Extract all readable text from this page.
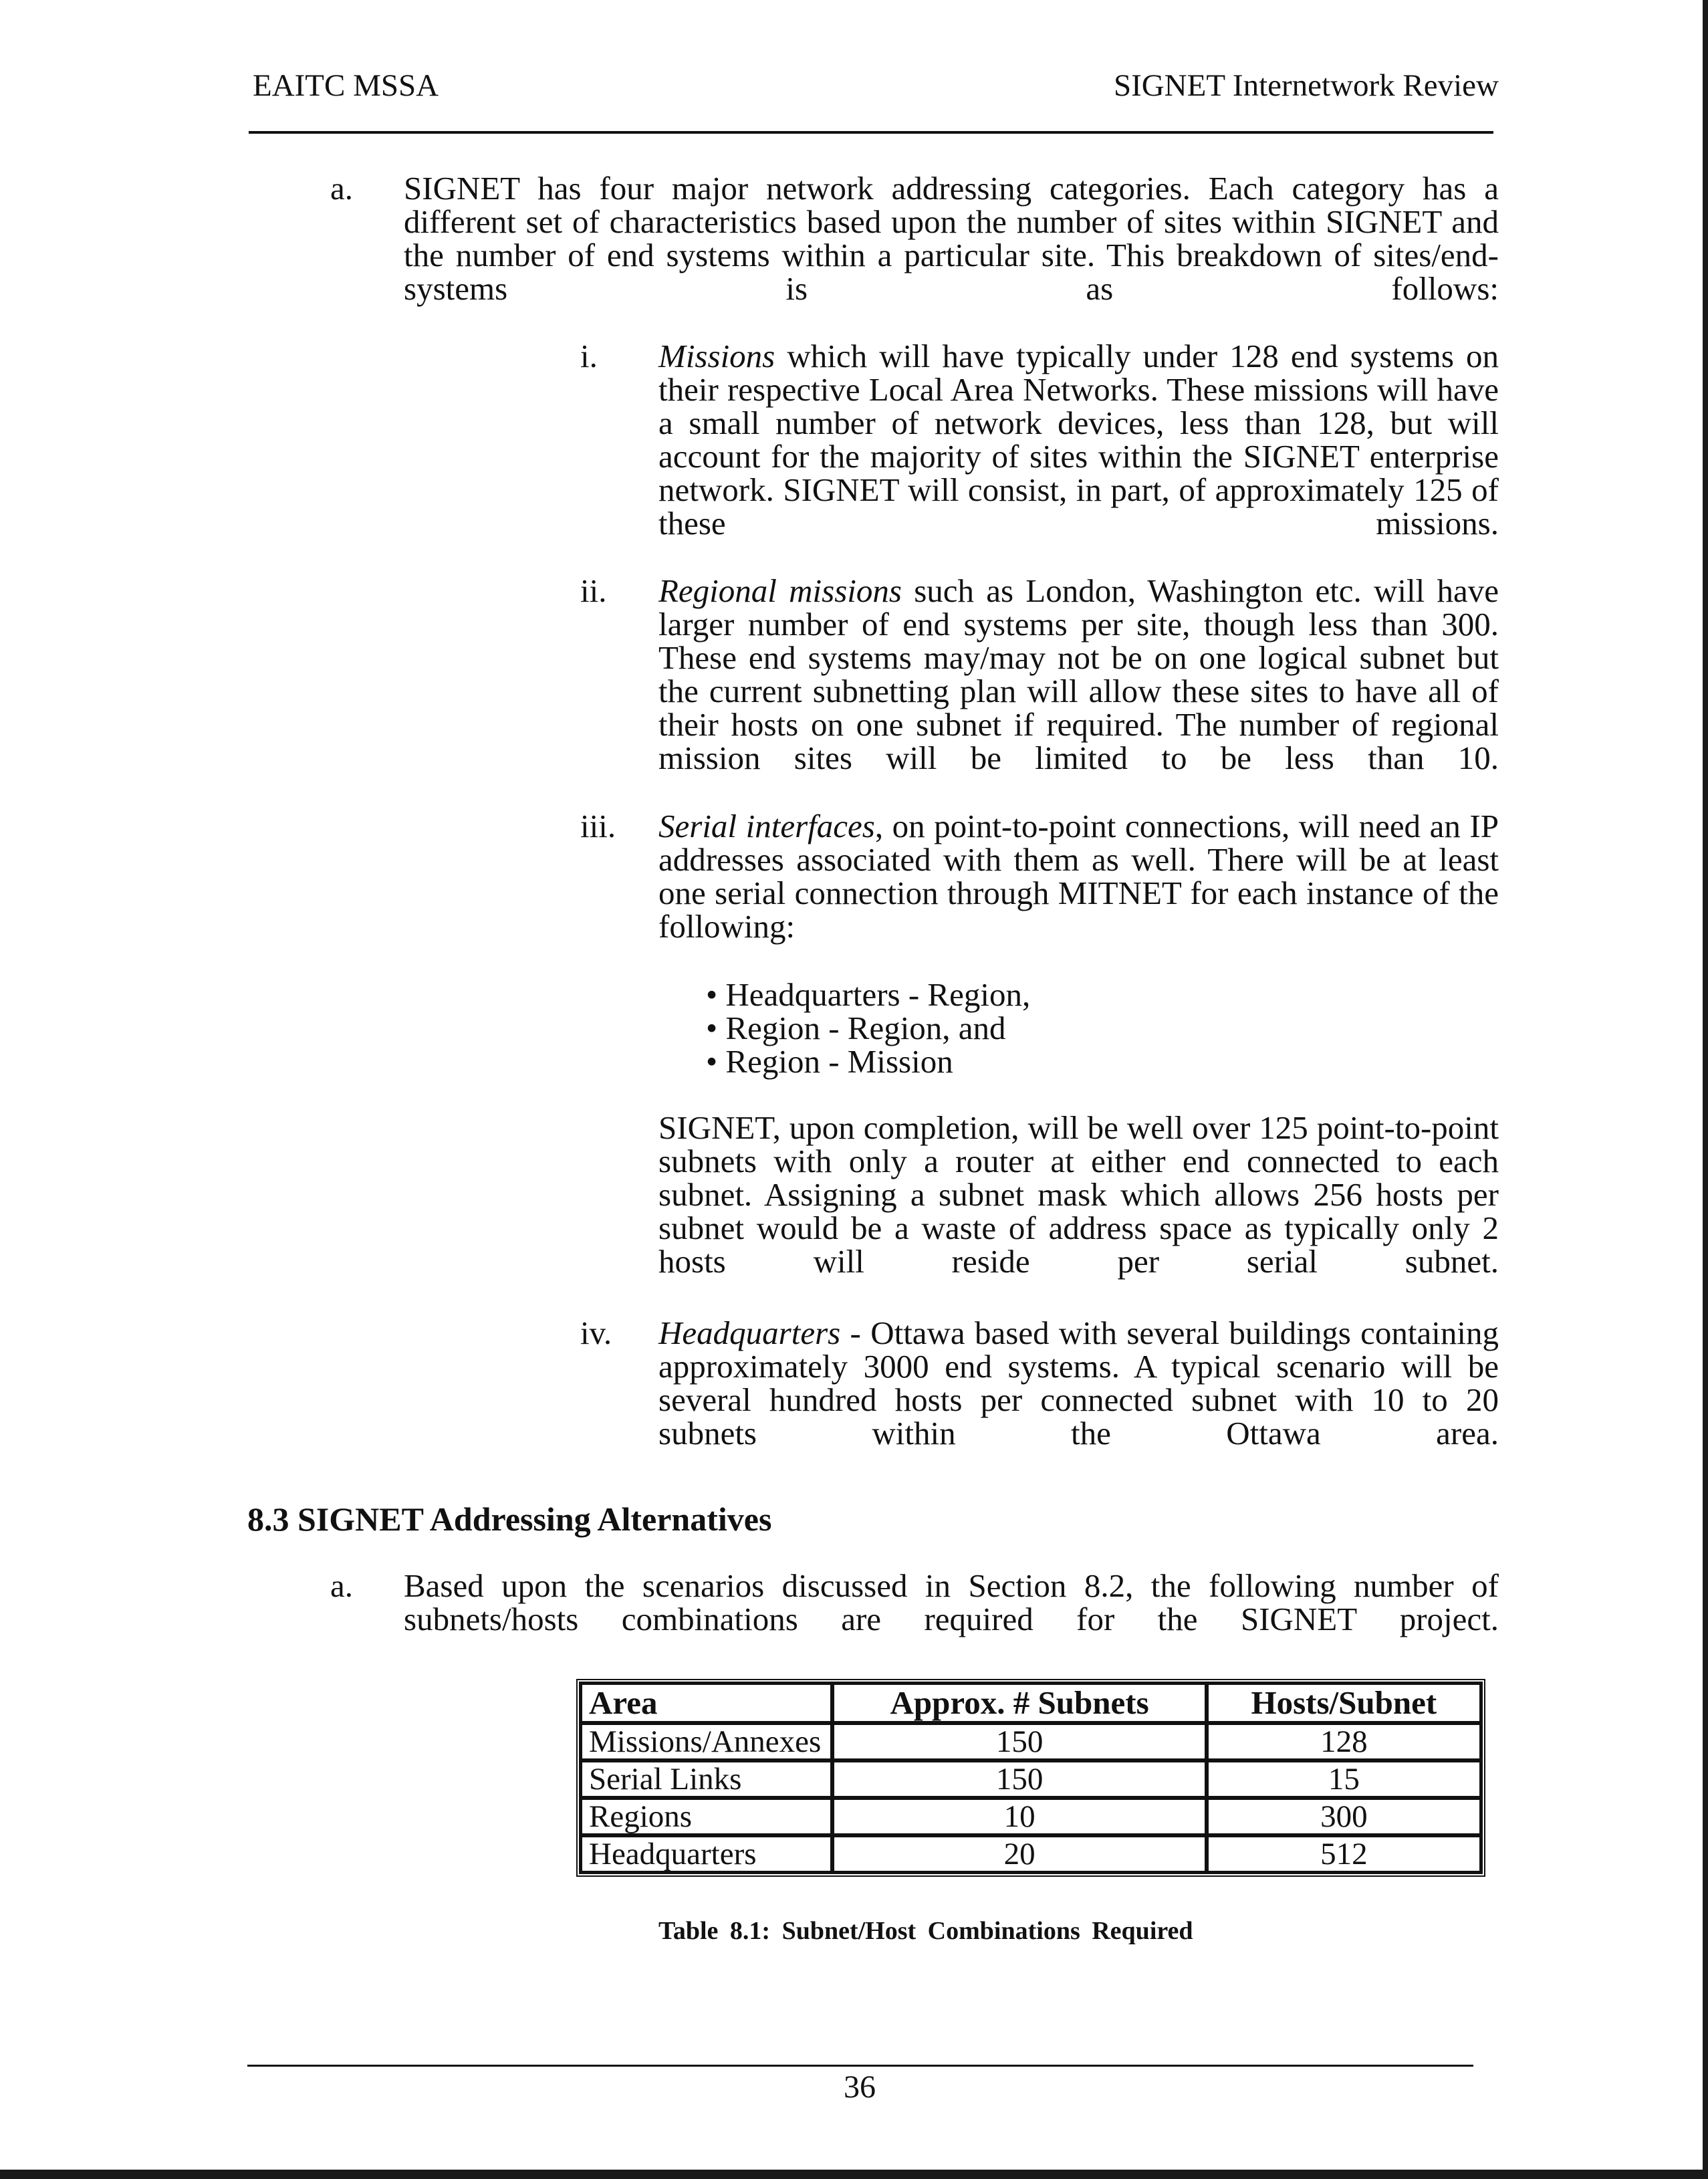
EAITC MSSA	SIGNET Internetwork Review
a. SIGNET has four major network addressing categories. Each category has a different set of characteristics based upon the number of sites within SIGNET and the number of end systems within a particular site. This breakdown of sites/end-systems is as follows:
i. Missions which will have typically under 128 end systems on their respective Local Area Networks. These missions will have a small number of network devices, less than 128, but will account for the majority of sites within the SIGNET enterprise network. SIGNET will consist, in part, of approximately 125 of these missions.
ii. Regional missions such as London, Washington etc. will have larger number of end systems per site, though less than 300. These end systems may/may not be on one logical subnet but the current subnetting plan will allow these sites to have all of their hosts on one subnet if required. The number of regional mission sites will be limited to be less than 10.
iii. Serial interfaces, on point-to-point connections, will need an IP addresses associated with them as well. There will be at least one serial connection through MITNET for each instance of the following:
• Headquarters - Region,
• Region - Region, and
• Region - Mission
SIGNET, upon completion, will be well over 125 point-to-point subnets with only a router at either end connected to each subnet. Assigning a subnet mask which allows 256 hosts per subnet would be a waste of address space as typically only 2 hosts will reside per serial subnet.
iv. Headquarters - Ottawa based with several buildings containing approximately 3000 end systems. A typical scenario will be several hundred hosts per connected subnet with 10 to 20 subnets within the Ottawa area.
8.3 SIGNET Addressing Alternatives
a. Based upon the scenarios discussed in Section 8.2, the following number of subnets/hosts combinations are required for the SIGNET project.
Area	Approx. # Subnets	Hosts/Subnet
Missions/Annexes	150	128
Serial Links	150	15
Regions	10	300
Headquarters	20	512
Table 8.1: Subnet/Host Combinations Required
36
